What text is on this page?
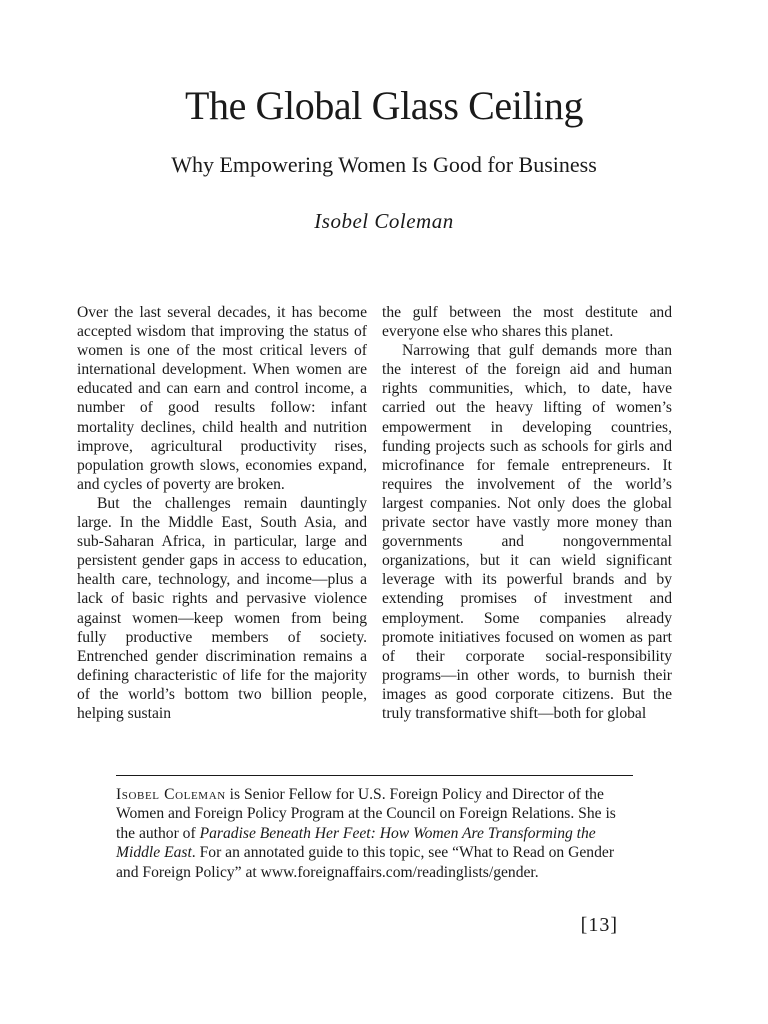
The Global Glass Ceiling
Why Empowering Women Is Good for Business
Isobel Coleman

Over the last several decades, it has become accepted wisdom that improving the status of women is one of the most critical levers of international development. When women are educated and can earn and control income, a number of good results follow: infant mortality declines, child health and nutrition improve, agricultural productivity rises, population growth slows, economies expand, and cycles of poverty are broken.

But the challenges remain dauntingly large. In the Middle East, South Asia, and sub-Saharan Africa, in particular, large and persistent gender gaps in access to education, health care, technology, and income—plus a lack of basic rights and pervasive violence against women—keep women from being fully productive members of society. Entrenched gender discrimination remains a defining characteristic of life for the majority of the world’s bottom two billion people, helping sustain

the gulf between the most destitute and everyone else who shares this planet.

Narrowing that gulf demands more than the interest of the foreign aid and human rights communities, which, to date, have carried out the heavy lifting of women’s empowerment in developing countries, funding projects such as schools for girls and microfinance for female entrepreneurs. It requires the involvement of the world’s largest companies. Not only does the global private sector have vastly more money than governments and nongovernmental organizations, but it can wield significant leverage with its powerful brands and by extending promises of investment and employment. Some companies already promote initiatives focused on women as part of their corporate social-responsibility programs—in other words, to burnish their images as good corporate citizens. But the truly transformative shift—both for global

Isobel Coleman is Senior Fellow for U.S. Foreign Policy and Director of the Women and Foreign Policy Program at the Council on Foreign Relations. She is the author of Paradise Beneath Her Feet: How Women Are Transforming the Middle East. For an annotated guide to this topic, see “What to Read on Gender and Foreign Policy” at www.foreignaffairs.com/readinglists/gender.

[13]
